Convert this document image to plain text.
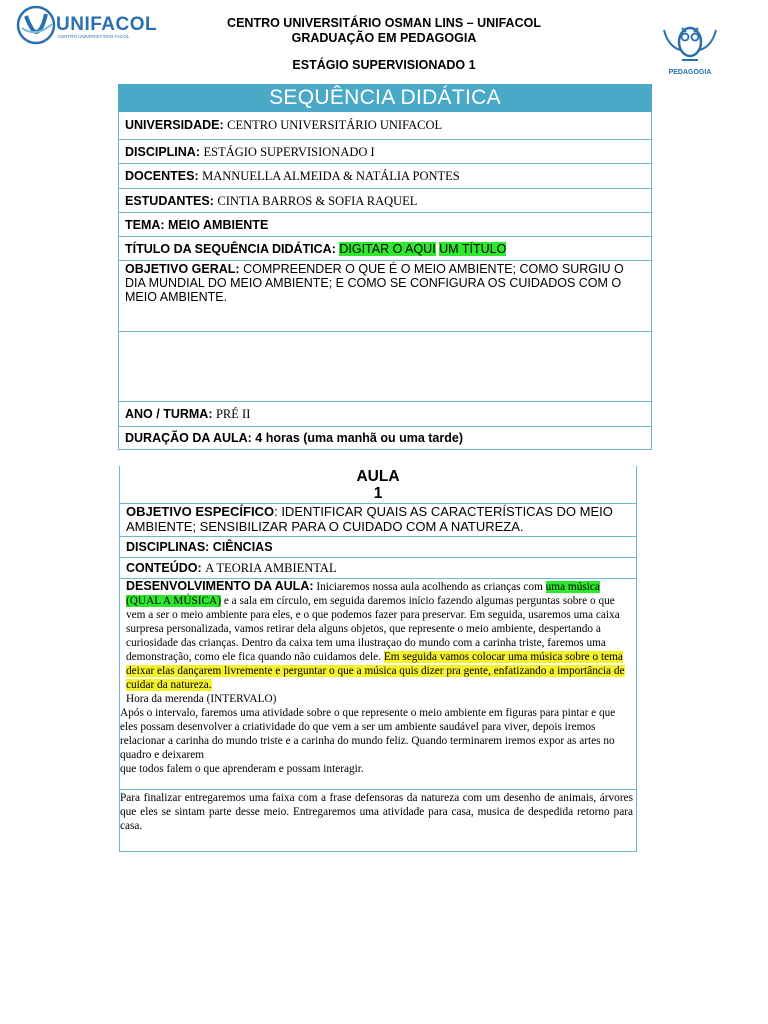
UNIFACOL
CENTRO UNIVERSITÁRIO FACOL
PEDAGOGIA
CENTRO UNIVERSITÁRIO OSMAN LINS – UNIFACOL
GRADUAÇÃO EM PEDAGOGIA
ESTÁGIO SUPERVISIONADO 1
SEQUÊNCIA DIDÁTICA
UNIVERSIDADE: CENTRO UNIVERSITÁRIO UNIFACOL
DISCIPLINA: ESTÁGIO SUPERVISIONADO I
DOCENTES: MANNUELLA ALMEIDA & NATÁLIA PONTES
ESTUDANTES: CINTIA BARROS & SOFIA RAQUEL
TEMA: MEIO AMBIENTE
TÍTULO DA SEQUÊNCIA DIDÁTICA: DIGITAR O AQUI UM TÍTULO
OBJETIVO GERAL: COMPREENDER O QUE É O MEIO AMBIENTE; COMO SURGIU O DIA MUNDIAL DO MEIO AMBIENTE; E COMO SE CONFIGURA OS CUIDADOS COM O MEIO AMBIENTE.
ANO / TURMA: PRÉ II
DURAÇÃO DA AULA: 4 horas (uma manhã ou uma tarde)
AULA
1
OBJETIVO ESPECÍFICO: IDENTIFICAR QUAIS AS CARACTERÍSTICAS DO MEIO AMBIENTE; SENSIBILIZAR PARA O CUIDADO COM A NATUREZA.
DISCIPLINAS: CIÊNCIAS
CONTEÚDO: A TEORIA AMBIENTAL
DESENVOLVIMENTO DA AULA: Iniciaremos nossa aula acolhendo as crianças com uma música (QUAL A MÚSICA) e a sala em círculo, em seguida daremos início fazendo algumas perguntas sobre o que vem a ser o meio ambiente para eles, e o que podemos fazer para preservar. Em seguida, usaremos uma caixa surpresa personalizada, vamos retirar dela alguns objetos, que represente o meio ambiente, despertando a curiosidade das crianças. Dentro da caixa tem uma ilustraçao do mundo com a carinha triste, faremos uma demonstração, como ele fica quando não cuidamos dele. Em seguida vamos colocar uma música sobre o tema deixar elas dançarem livremente e perguntar o que a música quis dizer pra gente, enfatizando a importância de cuidar da natureza.
Hora da merenda (INTERVALO)
Após o intervalo, faremos uma atividade sobre o que represente o meio ambiente em figuras para pintar e que eles possam desenvolver a criatividade do que vem a ser um ambiente saudável para viver, depois iremos relacionar a carinha do mundo triste e a carinha do mundo feliz. Quando terminarem iremos expor as artes no quadro e deixarem
que todos falem o que aprenderam e possam interagir.
Para finalizar entregaremos uma faixa com a frase defensoras da natureza com um desenho de animais, árvores que eles se sintam parte desse meio. Entregaremos uma atividade para casa, musica de despedida retorno para casa.
